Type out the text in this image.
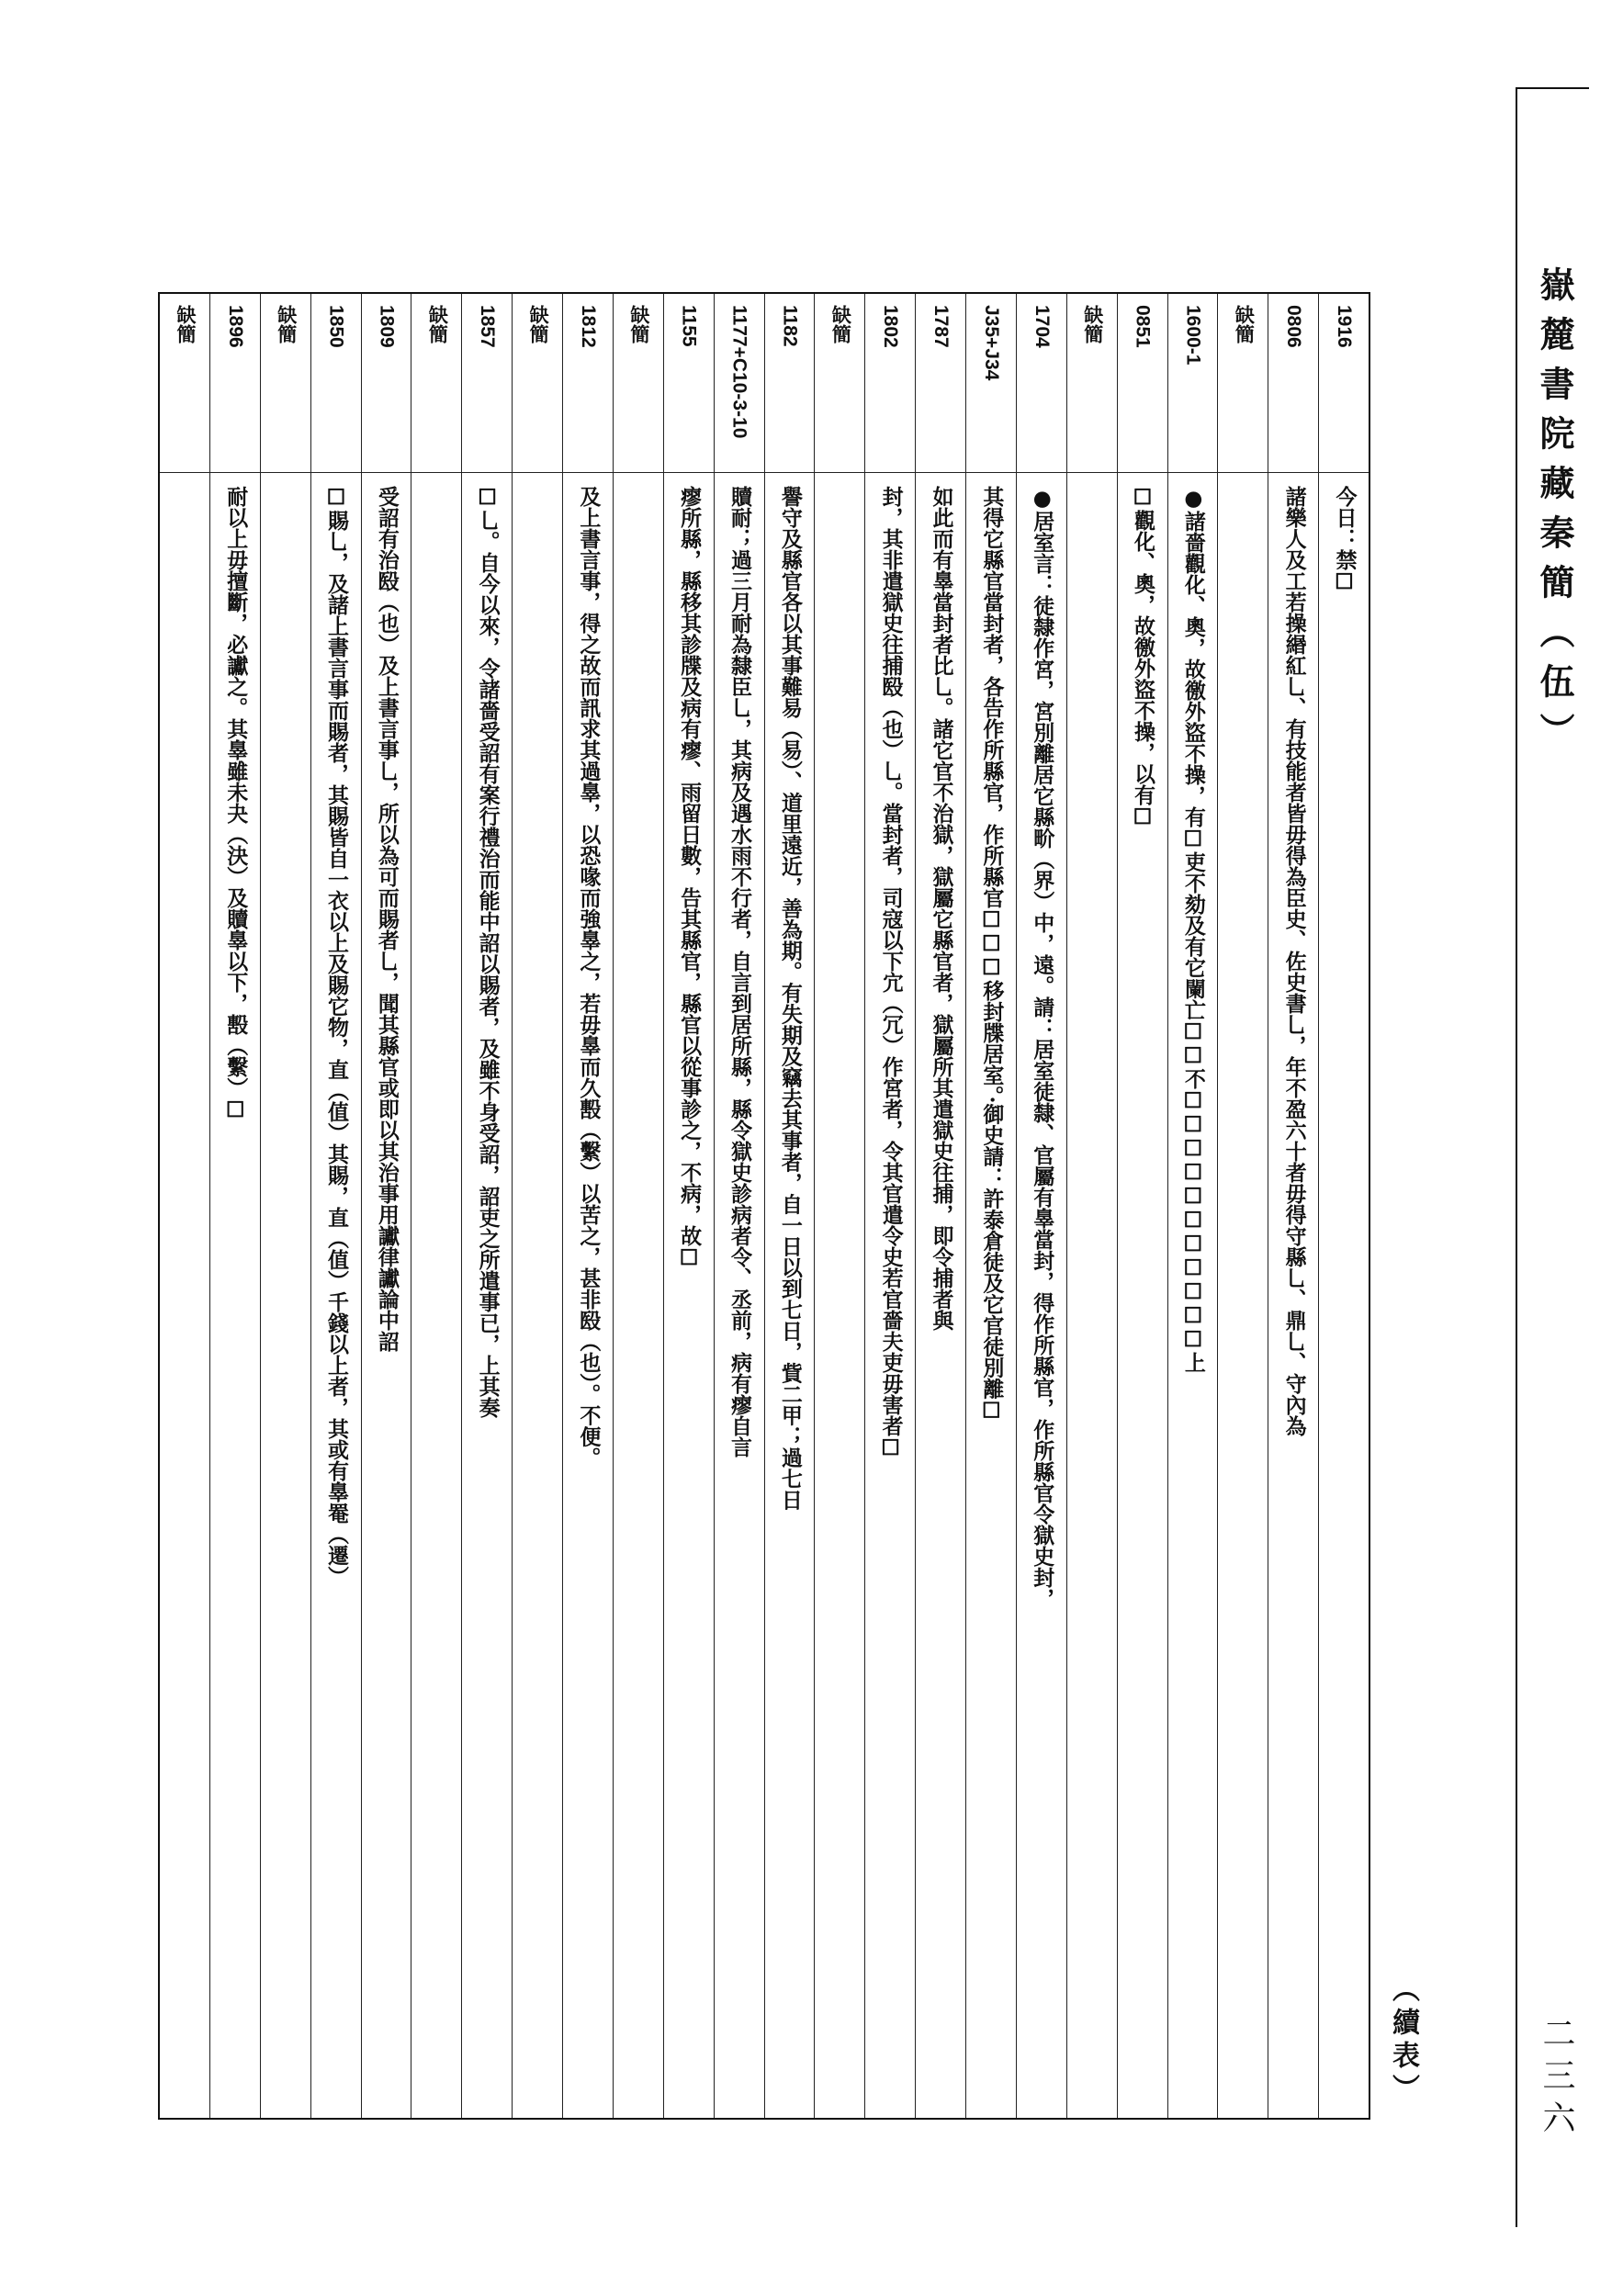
嶽麓書院藏秦簡（伍）
二三六
（續表）
1916
今日：禁☐
0806
諸樂人及工若操緡紅乚、有技能者皆毋得為臣史、佐史書乚，年不盈六十者毋得守縣乚、鼎乚、守內為
缺簡
1600-1
●諸嗇觀化、奧，故徼外盜不操，有☐吏不劾及有它闌亡☐☐不☐☐☐☐☐☐☐☐☐☐☐上
0851
☐觀化、奧，故徼外盜不操，以有☐
缺簡
1704
●居室言：徒隸作宮，宮別離居它縣畍（界）中，遠。請：居室徒隸、官屬有辠當封，得作所縣官，作所縣官令獄史封，
J35+J34
其得它縣官當封者，各告作所縣官，作所縣官☐☐☐移封牒居室。·御史請：許泰倉徒及它官徒別離☐
1787
如此而有辠當封者比乚。諸它官不治獄，獄屬它縣官者，獄屬所其遣獄史往捕，即令捕者與
1802
封，其非遣獄史往捕殹（也）乚。當封者，司寇以下宂（冗）作宮者，令其官遣令史若官嗇夫吏毋害者☐
缺簡
1182
譽守及縣官各以其事難易（易）、道里遠近，善為期。有失期及竊去其事者，自一日以到七日，貲二甲；過七日
1177+C10-3-10
贖耐；過三月耐為隸臣乚，其病及遇水雨不行者，自言到居所縣，縣令獄史診病者令、丞前，病有瘳自言
1155
瘳所縣，縣移其診牒及病有瘳、雨留日數，告其縣官，縣官以從事診之，不病，故☐
缺簡
1812
及上書言事，得之故而訊求其過辠，以恐喙而強辠之，若毋辠而久毄（繫）以苦之，甚非殹（也）。不便。
缺簡
1857
☐乚。自今以來，令諸嗇受詔有案行禮治而能中詔以賜者，及雖不身受詔，詔吏之所遣事已，上其奏
缺簡
1809
受詔有治殹（也）及上書言事乚，所以為可而賜者乚，聞其縣官或即以其治事用讞律讞論中詔
1850
☐賜乚，及諸上書言事而賜者，其賜皆自一衣以上及賜它物，直（值）其賜，直（值）千錢以上者，其或有辠罨（遷）
缺簡
1896
耐以上毋擅斷，必讞之。其辠雖未夬（決）及贖辠以下，毄（繫）☐
缺簡
